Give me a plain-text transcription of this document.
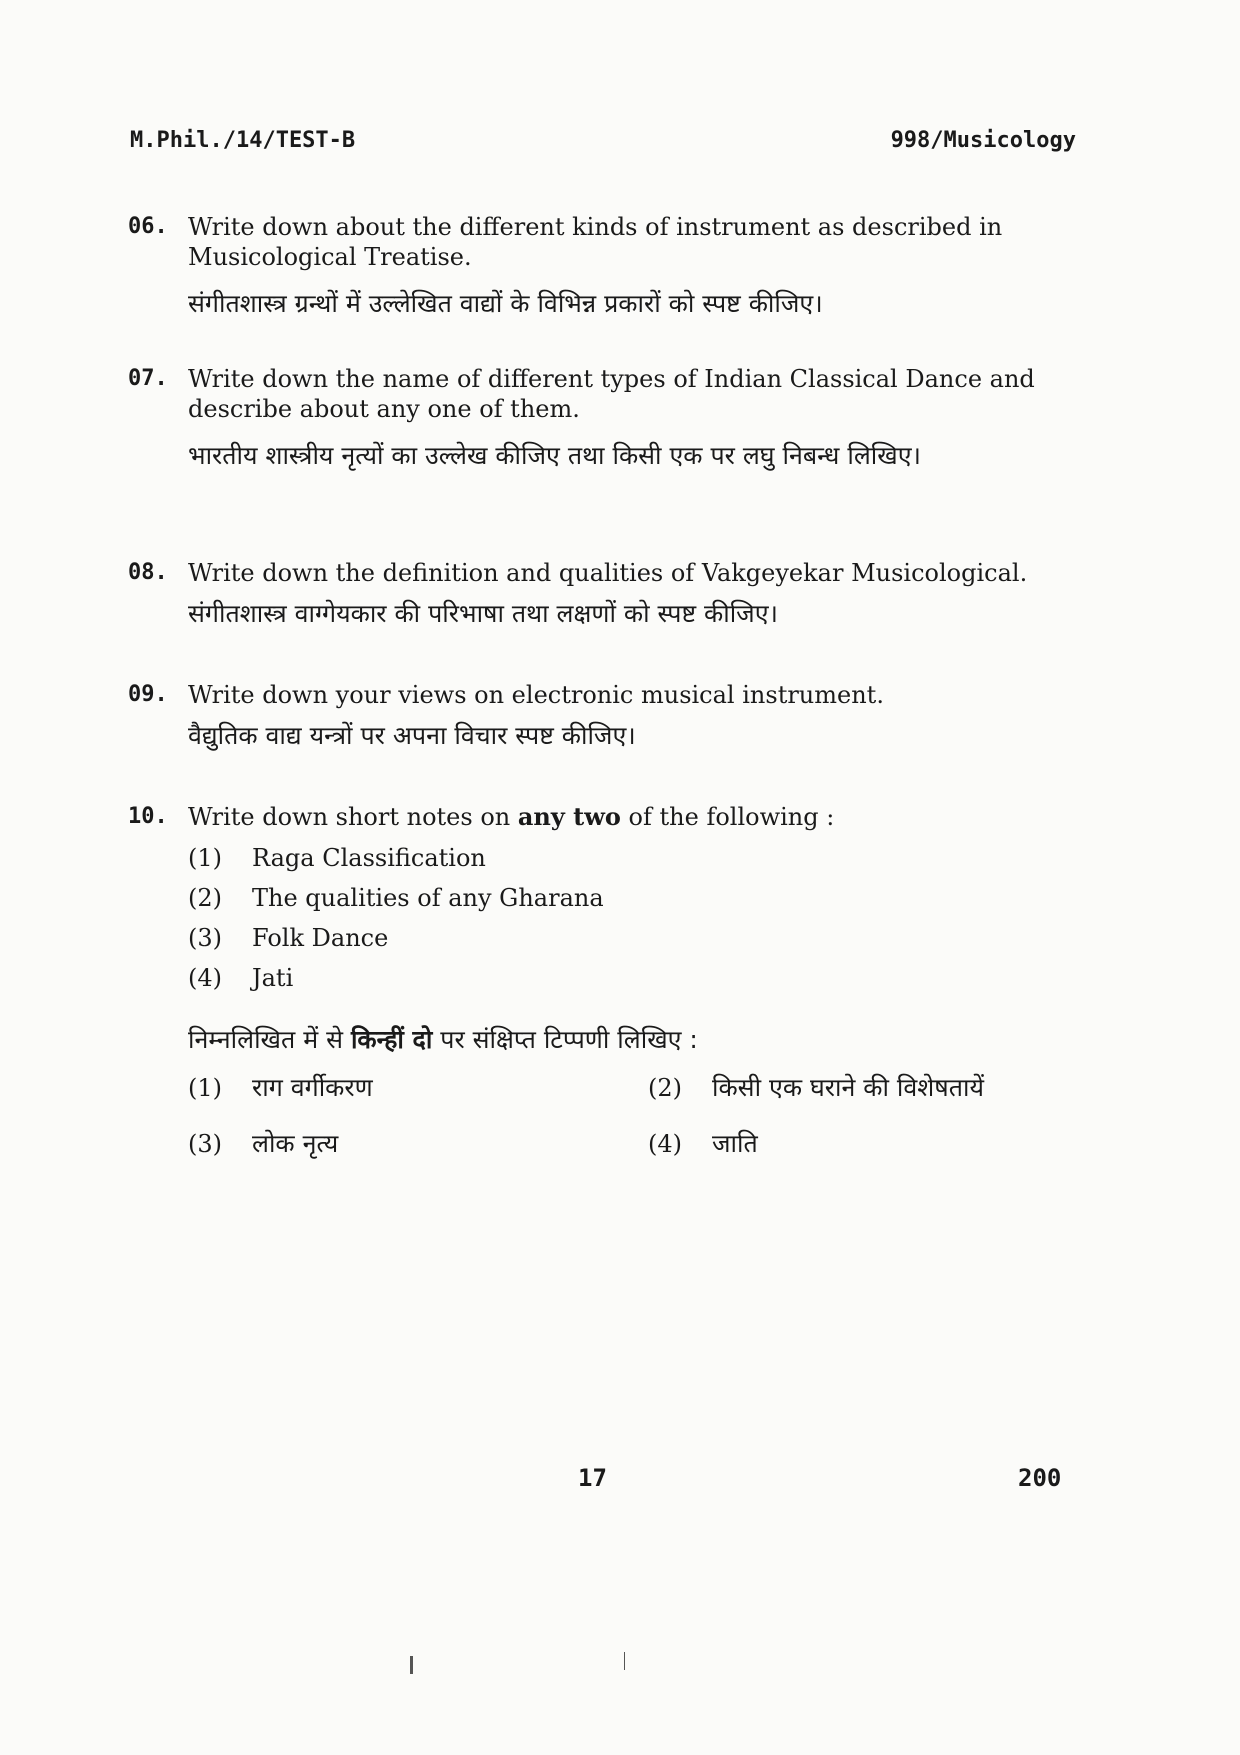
M.Phil./14/TEST-B	998/Musicology
06. Write down about the different kinds of instrument as described in Musicological Treatise.
संगीतशास्त्र ग्रन्थों में उल्लेखित वाद्यों के विभिन्न प्रकारों को स्पष्ट कीजिए।
07. Write down the name of different types of Indian Classical Dance and describe about any one of them.
भारतीय शास्त्रीय नृत्यों का उल्लेख कीजिए तथा किसी एक पर लघु निबन्ध लिखिए।
08. Write down the definition and qualities of Vakgeyekar Musicological.
संगीतशास्त्र वाग्गेयकार की परिभाषा तथा लक्षणों को स्पष्ट कीजिए।
09. Write down your views on electronic musical instrument.
वैद्युतिक वाद्य यन्त्रों पर अपना विचार स्पष्ट कीजिए।
10. Write down short notes on any two of the following :
(1)	Raga Classification
(2)	The qualities of any Gharana
(3)	Folk Dance
(4)	Jati
निम्नलिखित में से किन्हीं दो पर संक्षिप्त टिप्पणी लिखिए :
(1)	राग वर्गीकरण	(2)	किसी एक घराने की विशेषतायें
(3)	लोक नृत्य	(4)	जाति
17	200
